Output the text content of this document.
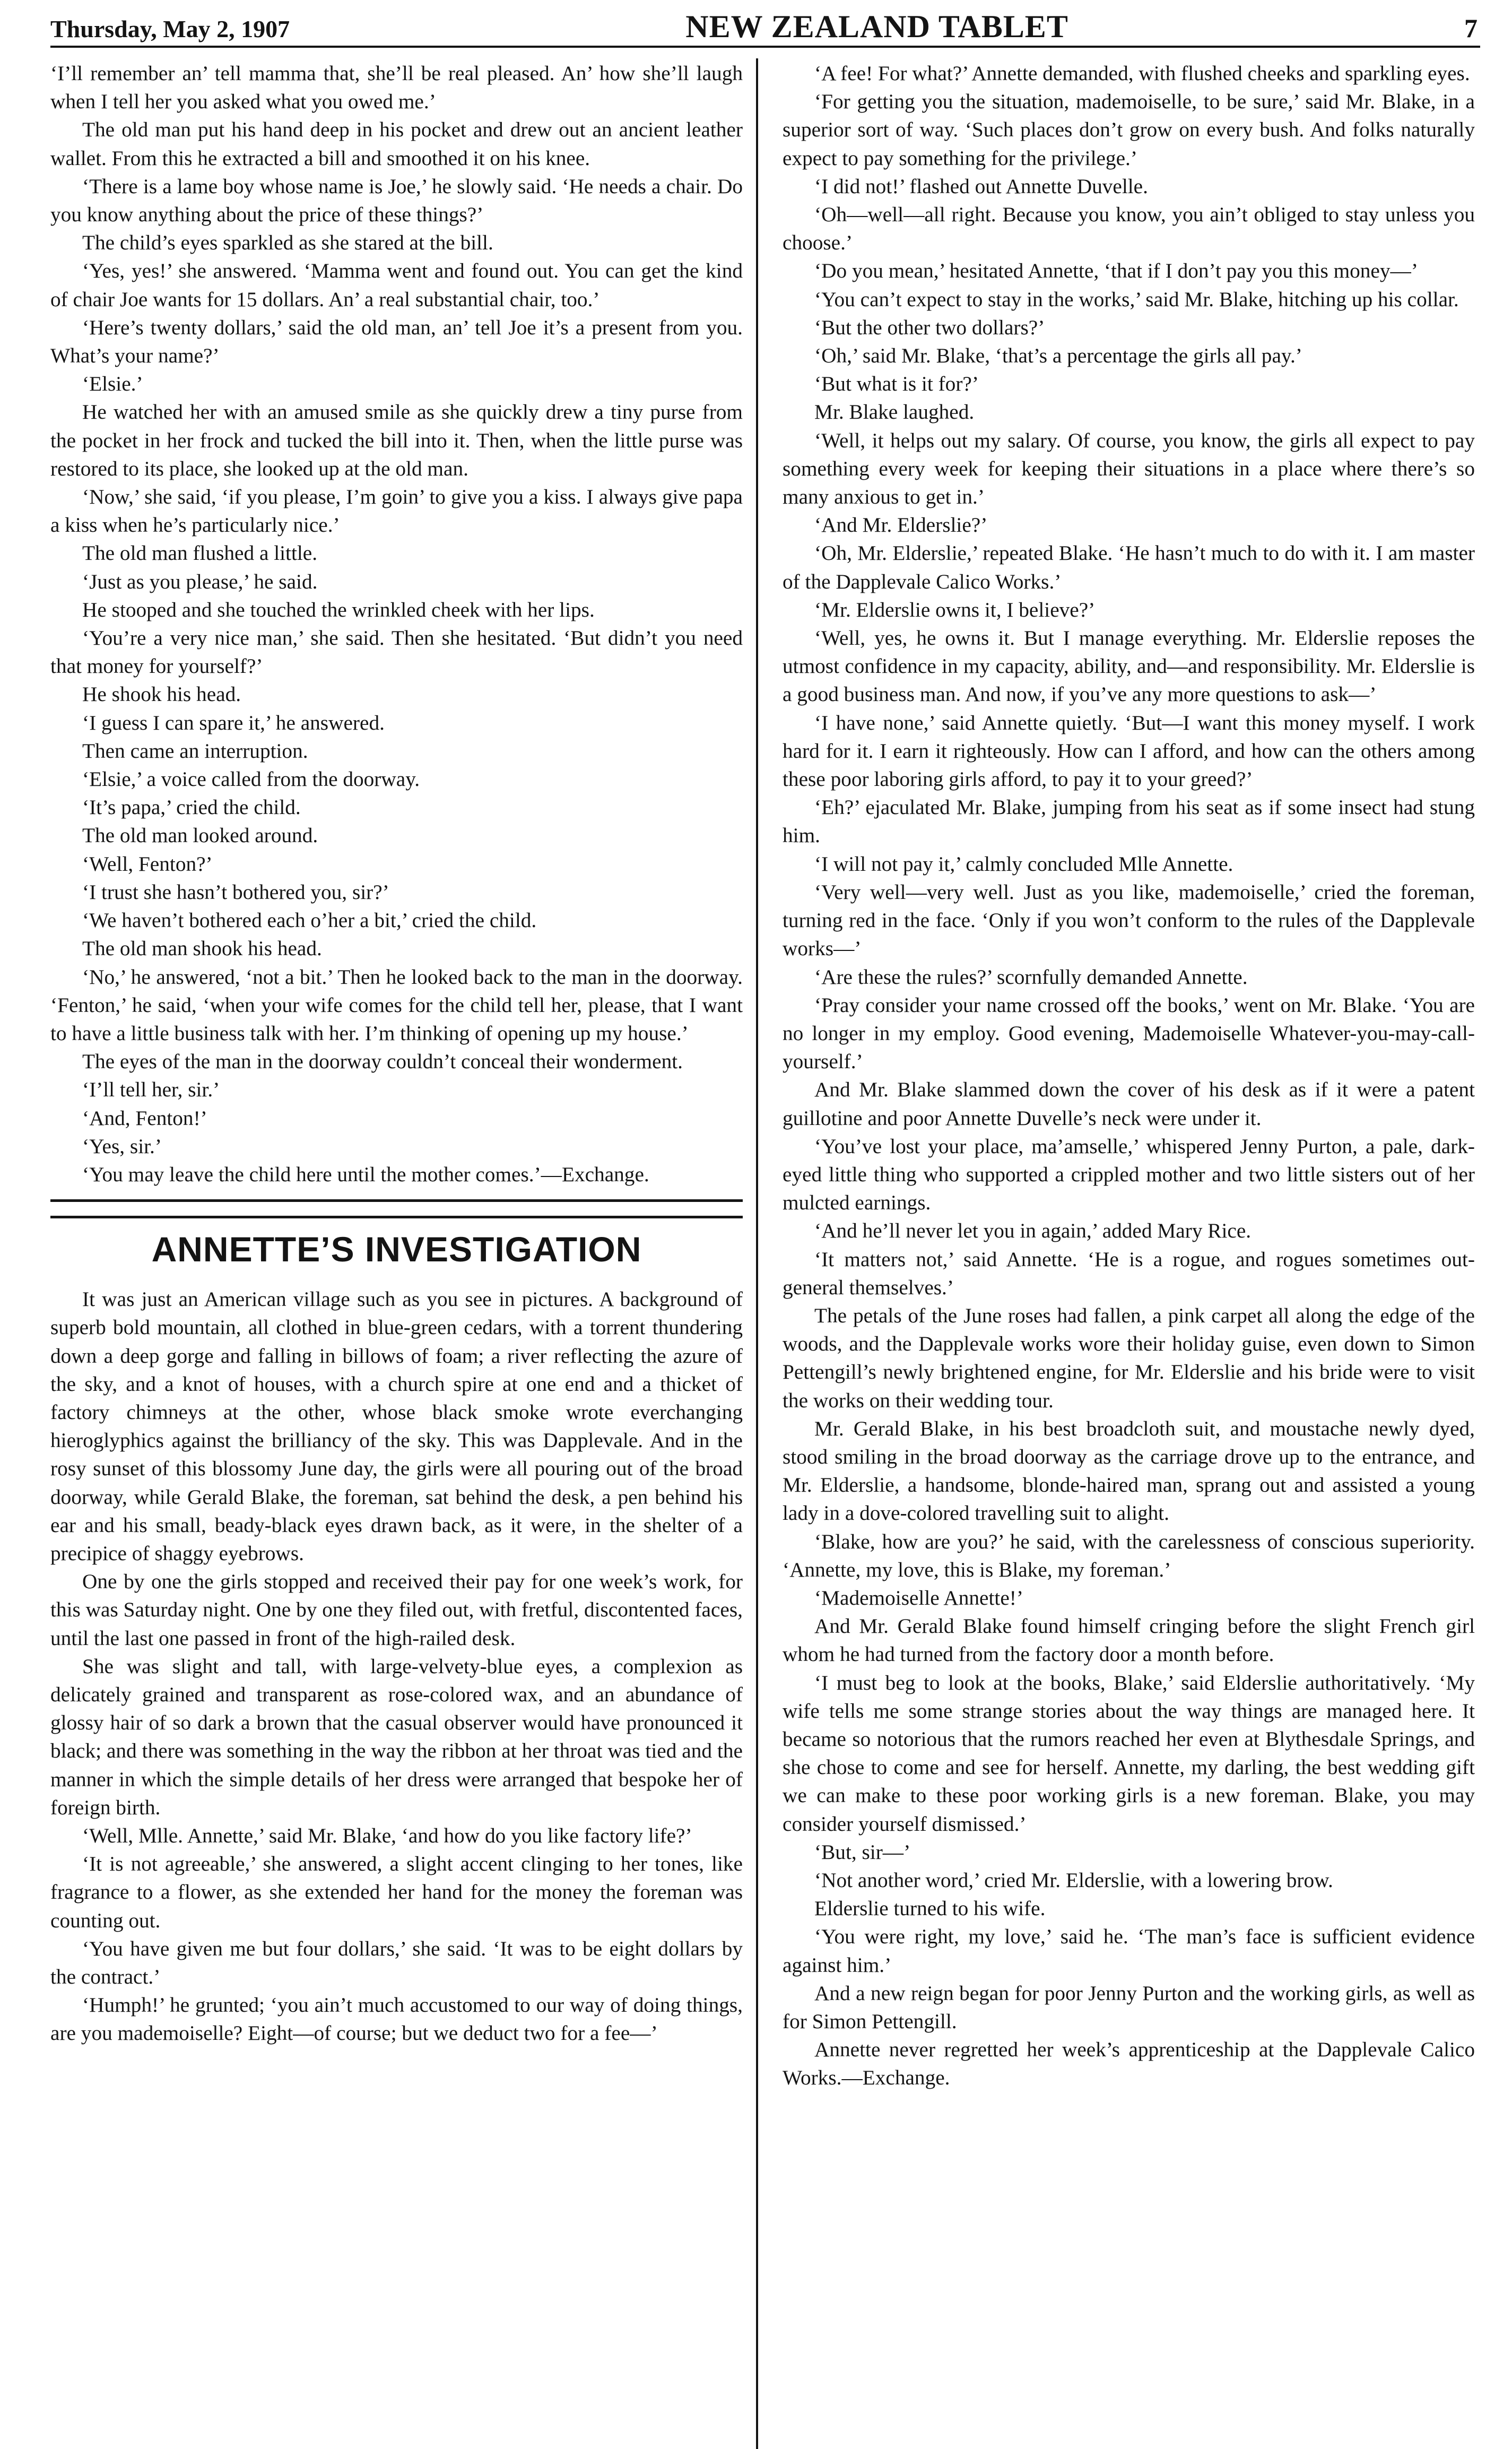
Thursday, May 2, 1907	NEW ZEALAND TABLET	7

‘I’ll remember an’ tell mamma that, she’ll be real pleased. An’ how she’ll laugh when I tell her you asked what you owed me.’

The old man put his hand deep in his pocket and drew out an ancient leather wallet. From this he extracted a bill and smoothed it on his knee.

‘There is a lame boy whose name is Joe,’ he slowly said. ‘He needs a chair. Do you know anything about the price of these things?’

The child’s eyes sparkled as she stared at the bill.

‘Yes, yes!’ she answered. ‘Mamma went and found out. You can get the kind of chair Joe wants for 15 dollars. An’ a real substantial chair, too.’

‘Here’s twenty dollars,’ said the old man, an’ tell Joe it’s a present from you. What’s your name?’

‘Elsie.’

He watched her with an amused smile as she quickly drew a tiny purse from the pocket in her frock and tucked the bill into it. Then, when the little purse was restored to its place, she looked up at the old man.

‘Now,’ she said, ‘if you please, I’m goin’ to give you a kiss. I always give papa a kiss when he’s particularly nice.’

The old man flushed a little.

‘Just as you please,’ he said.

He stooped and she touched the wrinkled cheek with her lips.

‘You’re a very nice man,’ she said. Then she hesitated. ‘But didn’t you need that money for yourself?’

He shook his head.

‘I guess I can spare it,’ he answered.

Then came an interruption.

‘Elsie,’ a voice called from the doorway.

‘It’s papa,’ cried the child.

The old man looked around.

‘Well, Fenton?’

‘I trust she hasn’t bothered you, sir?’

‘We haven’t bothered each o’her a bit,’ cried the child.

The old man shook his head.

‘No,’ he answered, ‘not a bit.’ Then he looked back to the man in the doorway. ‘Fenton,’ he said, ‘when your wife comes for the child tell her, please, that I want to have a little business talk with her. I’m thinking of opening up my house.’

The eyes of the man in the doorway couldn’t conceal their wonderment.

‘I’ll tell her, sir.’

‘And, Fenton!’

‘Yes, sir.’

‘You may leave the child here until the mother comes.’—Exchange.

ANNETTE’S INVESTIGATION

It was just an American village such as you see in pictures. A background of superb bold mountain, all clothed in blue-green cedars, with a torrent thundering down a deep gorge and falling in billows of foam; a river reflecting the azure of the sky, and a knot of houses, with a church spire at one end and a thicket of factory chimneys at the other, whose black smoke wrote everchanging hieroglyphics against the brilliancy of the sky. This was Dapplevale. And in the rosy sunset of this blossomy June day, the girls were all pouring out of the broad doorway, while Gerald Blake, the foreman, sat behind the desk, a pen behind his ear and his small, beady-black eyes drawn back, as it were, in the shelter of a precipice of shaggy eyebrows.

One by one the girls stopped and received their pay for one week’s work, for this was Saturday night. One by one they filed out, with fretful, discontented faces, until the last one passed in front of the high-railed desk.

She was slight and tall, with large-velvety-blue eyes, a complexion as delicately grained and transparent as rose-colored wax, and an abundance of glossy hair of so dark a brown that the casual observer would have pronounced it black; and there was something in the way the ribbon at her throat was tied and the manner in which the simple details of her dress were arranged that bespoke her of foreign birth.

‘Well, Mlle. Annette,’ said Mr. Blake, ‘and how do you like factory life?’

‘It is not agreeable,’ she answered, a slight accent clinging to her tones, like fragrance to a flower, as she extended her hand for the money the foreman was counting out.

‘You have given me but four dollars,’ she said. ‘It was to be eight dollars by the contract.’

‘Humph!’ he grunted; ‘you ain’t much accustomed to our way of doing things, are you mademoiselle? Eight—of course; but we deduct two for a fee—’

‘A fee! For what?’ Annette demanded, with flushed cheeks and sparkling eyes.

‘For getting you the situation, mademoiselle, to be sure,’ said Mr. Blake, in a superior sort of way. ‘Such places don’t grow on every bush. And folks naturally expect to pay something for the privilege.’

‘I did not!’ flashed out Annette Duvelle.

‘Oh—well—all right. Because you know, you ain’t obliged to stay unless you choose.’

‘Do you mean,’ hesitated Annette, ‘that if I don’t pay you this money—’

‘You can’t expect to stay in the works,’ said Mr. Blake, hitching up his collar.

‘But the other two dollars?’

‘Oh,’ said Mr. Blake, ‘that’s a percentage the girls all pay.’

‘But what is it for?’

Mr. Blake laughed.

‘Well, it helps out my salary. Of course, you know, the girls all expect to pay something every week for keeping their situations in a place where there’s so many anxious to get in.’

‘And Mr. Elderslie?’

‘Oh, Mr. Elderslie,’ repeated Blake. ‘He hasn’t much to do with it. I am master of the Dapplevale Calico Works.’

‘Mr. Elderslie owns it, I believe?’

‘Well, yes, he owns it. But I manage everything. Mr. Elderslie reposes the utmost confidence in my capacity, ability, and—and responsibility. Mr. Elderslie is a good business man. And now, if you’ve any more questions to ask—’

‘I have none,’ said Annette quietly. ‘But—I want this money myself. I work hard for it. I earn it righteously. How can I afford, and how can the others among these poor laboring girls afford, to pay it to your greed?’

‘Eh?’ ejaculated Mr. Blake, jumping from his seat as if some insect had stung him.

‘I will not pay it,’ calmly concluded Mlle Annette.

‘Very well—very well. Just as you like, mademoiselle,’ cried the foreman, turning red in the face. ‘Only if you won’t conform to the rules of the Dapplevale works—’

‘Are these the rules?’ scornfully demanded Annette.

‘Pray consider your name crossed off the books,’ went on Mr. Blake. ‘You are no longer in my employ. Good evening, Mademoiselle Whatever-you-may-call-yourself.’

And Mr. Blake slammed down the cover of his desk as if it were a patent guillotine and poor Annette Duvelle’s neck were under it.

‘You’ve lost your place, ma’amselle,’ whispered Jenny Purton, a pale, dark-eyed little thing who supported a crippled mother and two little sisters out of her mulcted earnings.

‘And he’ll never let you in again,’ added Mary Rice.

‘It matters not,’ said Annette. ‘He is a rogue, and rogues sometimes out-general themselves.’

The petals of the June roses had fallen, a pink carpet all along the edge of the woods, and the Dapplevale works wore their holiday guise, even down to Simon Pettengill’s newly brightened engine, for Mr. Elderslie and his bride were to visit the works on their wedding tour.

Mr. Gerald Blake, in his best broadcloth suit, and moustache newly dyed, stood smiling in the broad doorway as the carriage drove up to the entrance, and Mr. Elderslie, a handsome, blonde-haired man, sprang out and assisted a young lady in a dove-colored travelling suit to alight.

‘Blake, how are you?’ he said, with the carelessness of conscious superiority. ‘Annette, my love, this is Blake, my foreman.’

‘Mademoiselle Annette!’

And Mr. Gerald Blake found himself cringing before the slight French girl whom he had turned from the factory door a month before.

‘I must beg to look at the books, Blake,’ said Elderslie authoritatively. ‘My wife tells me some strange stories about the way things are managed here. It became so notorious that the rumors reached her even at Blythesdale Springs, and she chose to come and see for herself. Annette, my darling, the best wedding gift we can make to these poor working girls is a new foreman. Blake, you may consider yourself dismissed.’

‘But, sir—’

‘Not another word,’ cried Mr. Elderslie, with a lowering brow.

Elderslie turned to his wife.

‘You were right, my love,’ said he. ‘The man’s face is sufficient evidence against him.’

And a new reign began for poor Jenny Purton and the working girls, as well as for Simon Pettengill.

Annette never regretted her week’s apprenticeship at the Dapplevale Calico Works.—Exchange.
